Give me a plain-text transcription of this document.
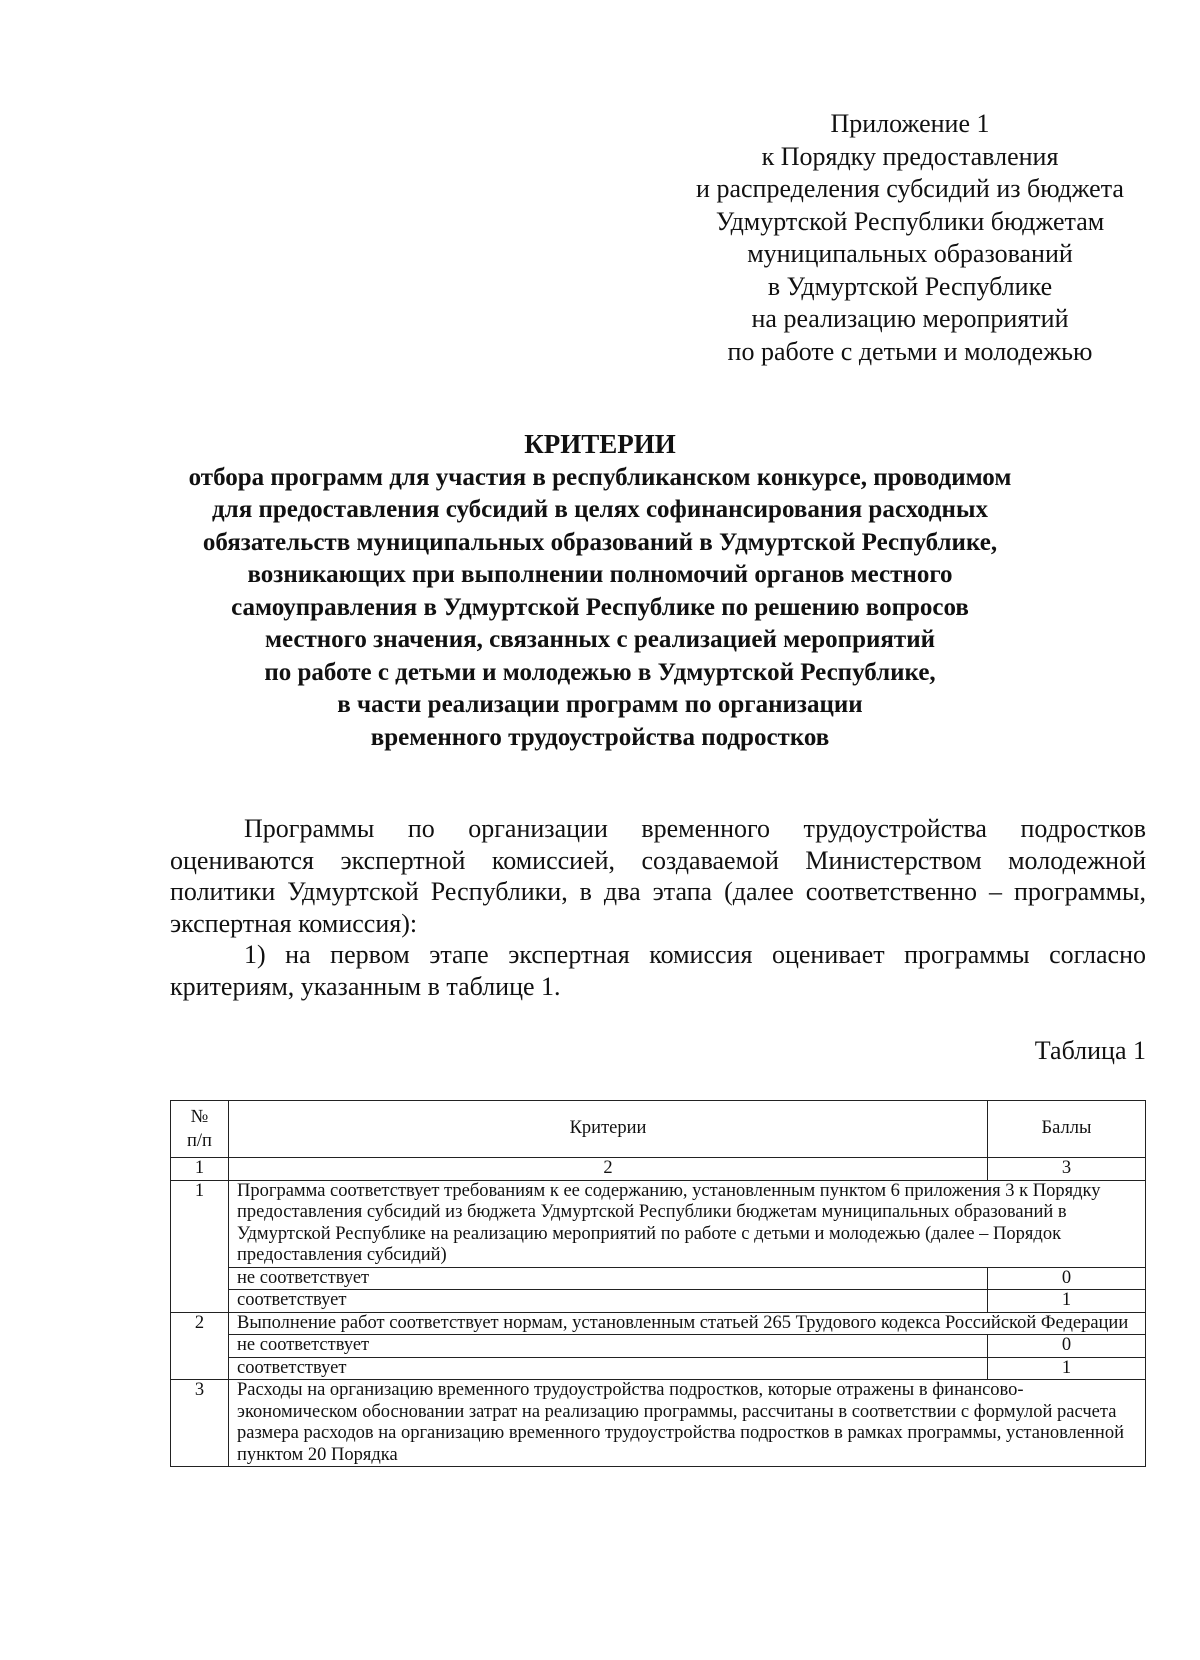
Приложение 1
к Порядку предоставления
и распределения субсидий из бюджета
Удмуртской Республики бюджетам
муниципальных образований
в Удмуртской Республике
на реализацию мероприятий
по работе с детьми и молодежью
КРИТЕРИИ
отбора программ для участия в республиканском конкурсе, проводимом
для предоставления субсидий в целях софинансирования расходных
обязательств муниципальных образований в Удмуртской Республике,
возникающих при выполнении полномочий органов местного
самоуправления в Удмуртской Республике по решению вопросов
местного значения, связанных с реализацией мероприятий
по работе с детьми и молодежью в Удмуртской Республике,
в части реализации программ по организации
временного трудоустройства подростков

Программы по организации временного трудоустройства подростков оцениваются экспертной комиссией, создаваемой Министерством молодежной политики Удмуртской Республики, в два этапа (далее соответственно – программы, экспертная комиссия):

1) на первом этапе экспертная комиссия оценивает программы согласно критериям, указанным в таблице 1.

Таблица 1
№
п/п	Критерии	Баллы
1	2	3
1	Программа соответствует требованиям к ее содержанию, установленным пунктом 6 приложения 3 к Порядку предоставления субсидий из бюджета Удмуртской Республики бюджетам муниципальных образований в Удмуртской Республике на реализацию мероприятий по работе с детьми и молодежью (далее – Порядок предоставления субсидий)	
	не соответствует	0
	соответствует	1
2	Выполнение работ соответствует нормам, установленным статьей 265 Трудового кодекса Российской Федерации	
	не соответствует	0
	соответствует	1
3	Расходы на организацию временного трудоустройства подростков, которые отражены в финансово-экономическом обосновании затрат на реализацию программы, рассчитаны в соответствии с формулой расчета размера расходов на организацию временного трудоустройства подростков в рамках программы, установленной пунктом 20 Порядка	
